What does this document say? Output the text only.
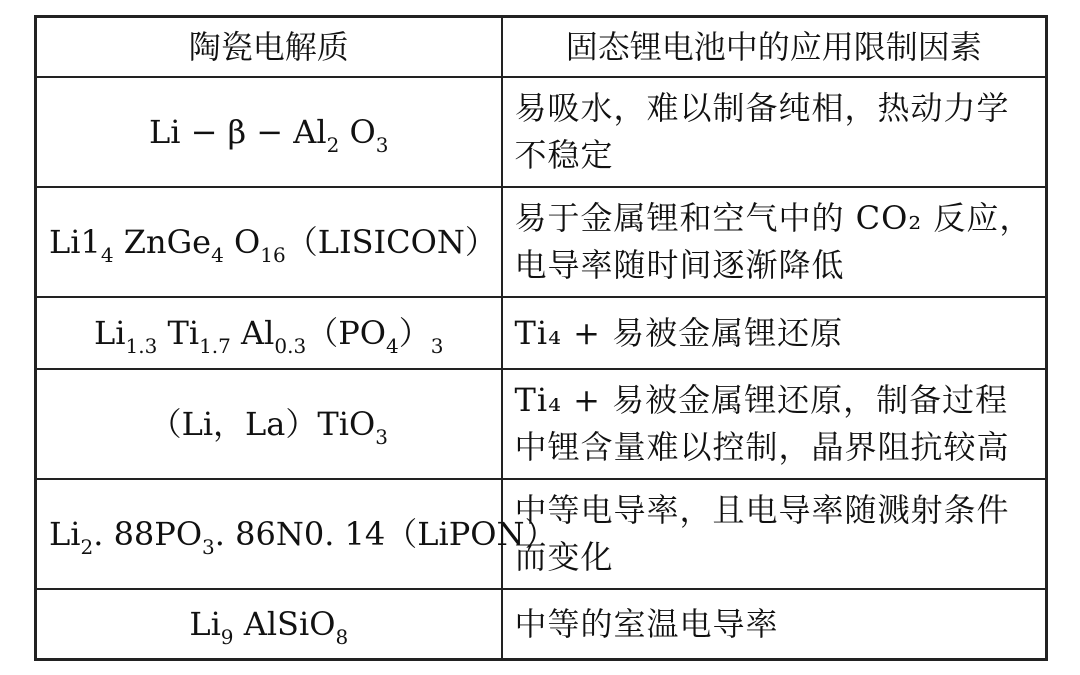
陶瓷电解质	固态锂电池中的应用限制因素
$Li - \beta - Al_2$ $O_3$	易吸水，难以制备纯相，热动力学不稳定
$Li1_4$ ZnGe$_4$ $O_{16}(LISICON)$	易于金属锂和空气中的 CO₂ 反应，电导率随时间逐渐降低
$Li_{1.3}$ $Ti_{1.7}$ $Al_{0.3}(PO_4)_3$	Ti₄ + 易被金属锂还原
（Li，La）TiO$_3$	Ti₄ + 易被金属锂还原，制备过程中锂含量难以控制，晶界阻抗较高
$Li_2$. $88PO_3$. 86N0. 14（LiPON）	中等电导率，且电导率随溅射条件而变化
$Li_9$ AlSiO$_8$	中等的室温电导率
